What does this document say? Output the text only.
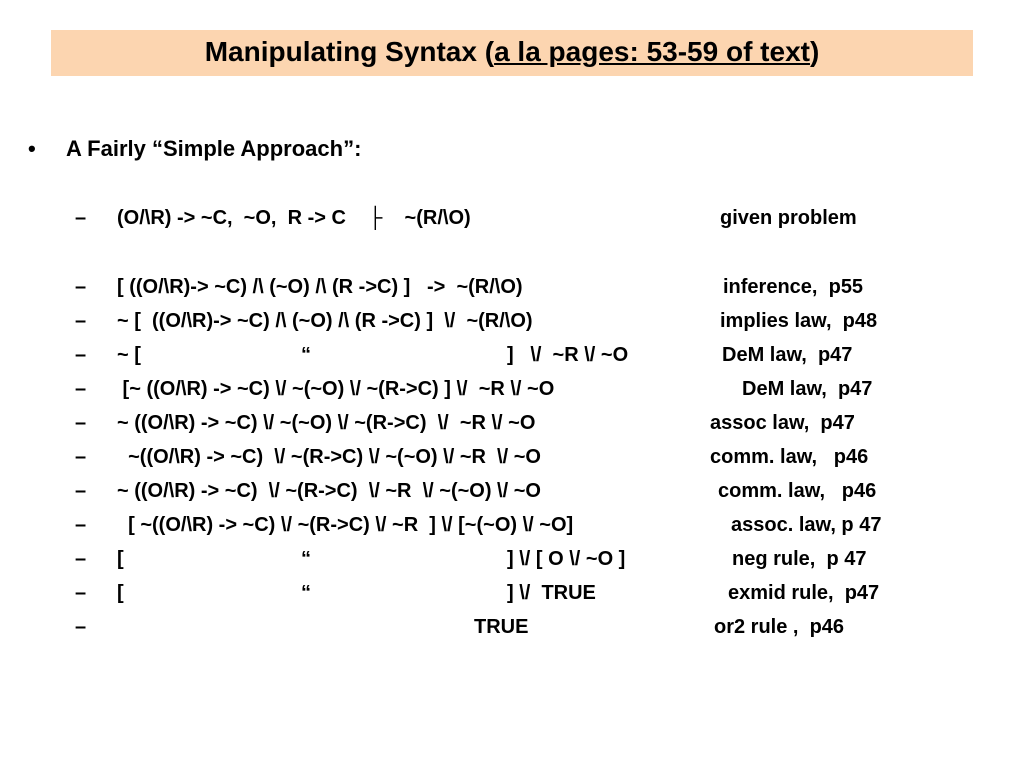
Manipulating Syntax (a la pages: 53-59 of text)
• A Fairly “Simple Approach”:
– (O/\R) -> ~C,  ~O,  R -> C    ├    ~(R/\O)	given problem
– [ ((O/\R)-> ~C) /\ (~O) /\ (R ->C) ]   ->  ~(R/\O)	inference,  p55
– ~ [  ((O/\R)-> ~C) /\ (~O) /\ (R ->C) ]  \/  ~(R/\O)	implies law,  p48
– ~ [	“	]   \/  ~R \/ ~O	DeM law,  p47
– [~ ((O/\R) -> ~C) \/ ~(~O) \/ ~(R->C) ] \/  ~R \/ ~O	DeM law,  p47
– ~ ((O/\R) -> ~C) \/ ~(~O) \/ ~(R->C)  \/  ~R \/ ~O	assoc law,  p47
– ~((O/\R) -> ~C)  \/ ~(R->C) \/ ~(~O) \/ ~R  \/ ~O	comm. law,   p46
– ~ ((O/\R) -> ~C)  \/ ~(R->C)  \/ ~R  \/ ~(~O) \/ ~O	comm. law,   p46
– [ ~((O/\R) -> ~C) \/ ~(R->C) \/ ~R  ] \/ [~(~O) \/ ~O]	assoc. law, p 47
– [	“	] \/ [ O \/ ~O ]	neg rule,  p 47
– [	“	] \/  TRUE	exmid rule,  p47
–	TRUE	or2 rule ,  p46
